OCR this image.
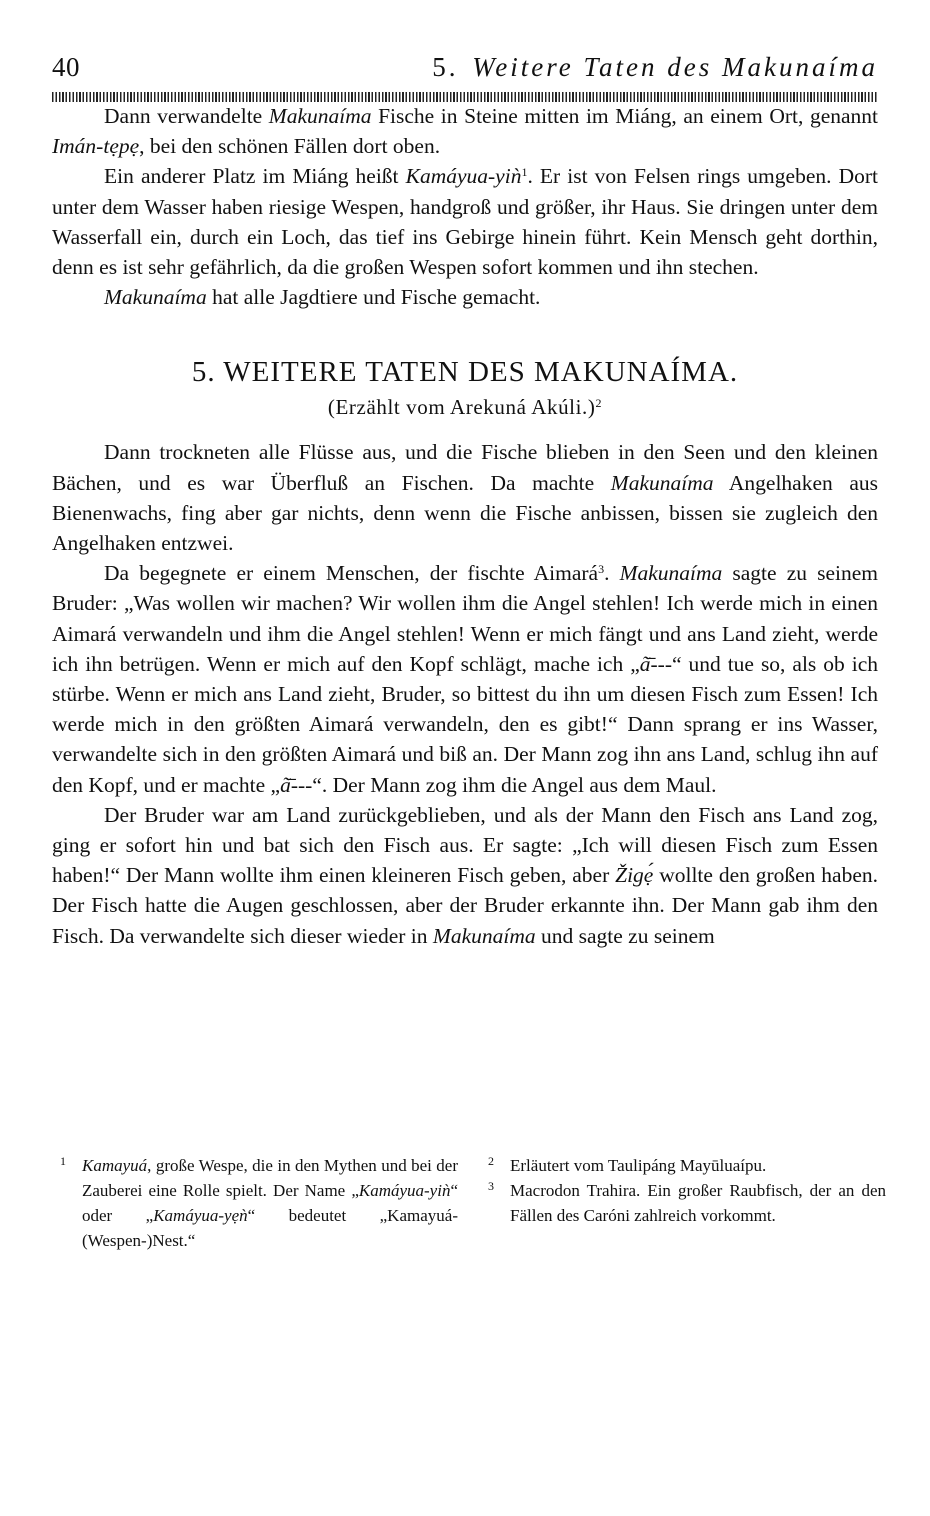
40	5. Weitere Taten des Makunaíma

Dann verwandelte Makunaíma Fische in Steine mitten im Miáng, an einem Ort, genannt Imán-tẹpẹ, bei den schönen Fällen dort oben.

Ein anderer Platz im Miáng heißt Kamáyua-yiǹ$^1$. Er ist von Felsen rings umgeben. Dort unter dem Wasser haben riesige Wespen, handgroß und größer, ihr Haus. Sie dringen unter dem Wasserfall ein, durch ein Loch, das tief ins Gebirge hinein führt. Kein Mensch geht dorthin, denn es ist sehr gefährlich, da die großen Wespen sofort kommen und ihn stechen.

Makunaíma hat alle Jagdtiere und Fische gemacht.

5. WEITERE TATEN DES MAKUNAÍMA.
(Erzählt vom Arekuná Akúli.)$^2$

Dann trockneten alle Flüsse aus, und die Fische blieben in den Seen und den kleinen Bächen, und es war Überfluß an Fischen. Da machte Makunaíma Angelhaken aus Bienenwachs, fing aber gar nichts, denn wenn die Fische anbissen, bissen sie zugleich den Angelhaken entzwei.

Da begegnete er einem Menschen, der fischte Aimará$^3$. Makunaíma sagte zu seinem Bruder: „Was wollen wir machen? Wir wollen ihm die Angel stehlen! Ich werde mich in einen Aimará verwandeln und ihm die Angel stehlen! Wenn er mich fängt und ans Land zieht, werde ich ihn betrügen. Wenn er mich auf den Kopf schlägt, mache ich „ã̄---“ und tue so, als ob ich stürbe. Wenn er mich ans Land zieht, Bruder, so bittest du ihn um diesen Fisch zum Essen! Ich werde mich in den größten Aimará verwandeln, den es gibt!“ Dann sprang er ins Wasser, verwandelte sich in den größten Aimará und biß an. Der Mann zog ihn ans Land, schlug ihn auf den Kopf, und er machte „ã̄---“. Der Mann zog ihm die Angel aus dem Maul.

Der Bruder war am Land zurückgeblieben, und als der Mann den Fisch ans Land zog, ging er sofort hin und bat sich den Fisch aus. Er sagte: „Ich will diesen Fisch zum Essen haben!“ Der Mann wollte ihm einen kleineren Fisch geben, aber Žigẹ́ wollte den großen haben. Der Fisch hatte die Augen geschlossen, aber der Bruder erkannte ihn. Der Mann gab ihm den Fisch. Da verwandelte sich dieser wieder in Makunaíma und sagte zu seinem

1 Kamayuá, große Wespe, die in den Mythen und bei der Zauberei eine Rolle spielt. Der Name „Kamáyua-yiǹ“ oder „Kamáyua-yẹǹ“ bedeutet „Kamayuá-(Wespen-)Nest.“
2 Erläutert vom Taulipáng Mayūluaípu.
3 Macrodon Trahira. Ein großer Raubfisch, der an den Fällen des Caróni zahlreich vorkommt.
